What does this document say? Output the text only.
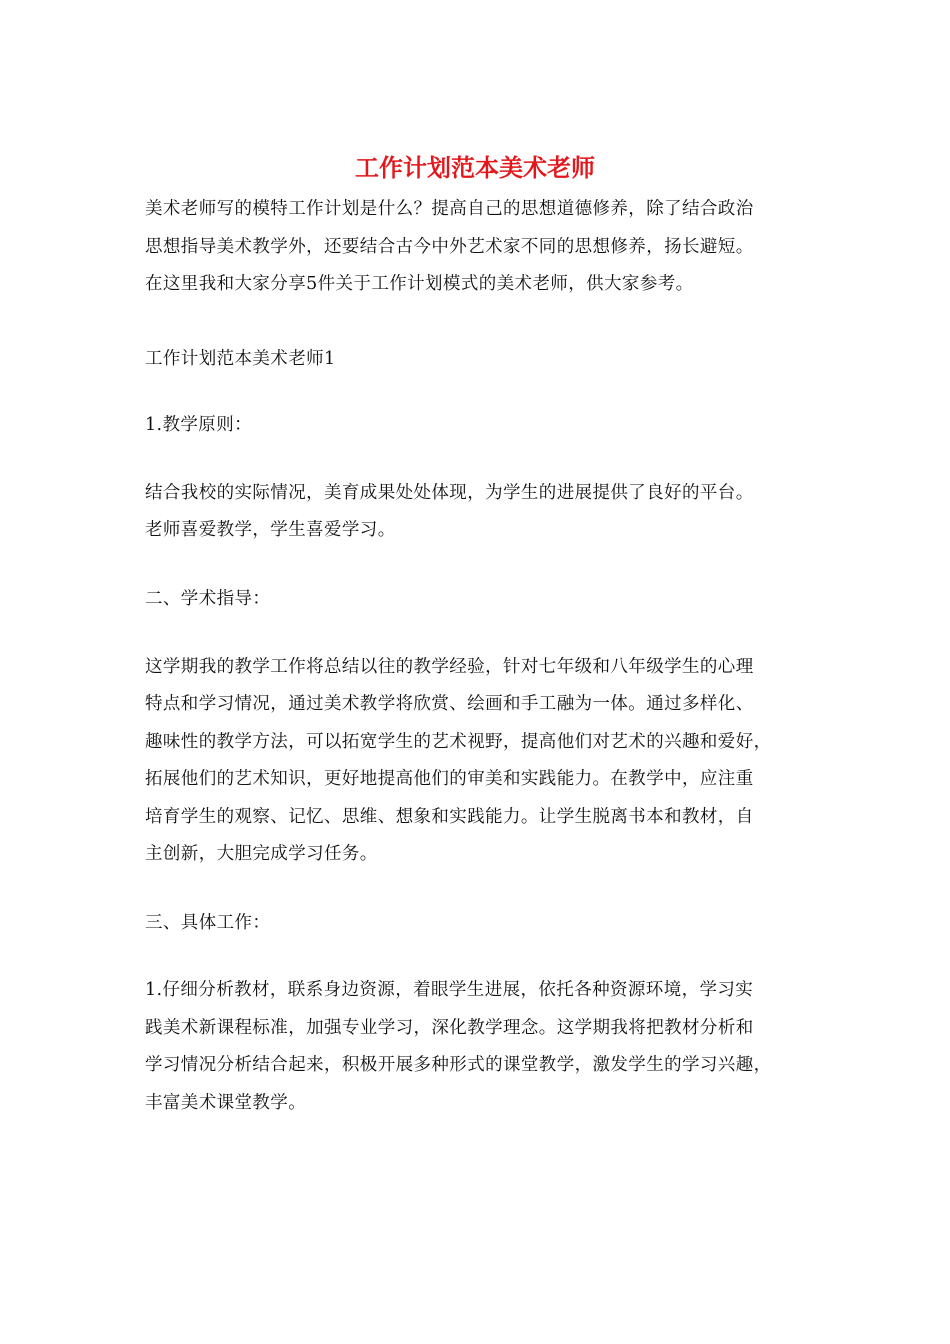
工作计划范本美术老师
美术老师写的模特工作计划是什么？提高自己的思想道德修养，除了结合政治
思想指导美术教学外，还要结合古今中外艺术家不同的思想修养，扬长避短。
在这里我和大家分享5件关于工作计划模式的美术老师，供大家参考。
工作计划范本美术老师1
1.教学原则：
结合我校的实际情况，美育成果处处体现，为学生的进展提供了良好的平台。
老师喜爱教学，学生喜爱学习。
二、学术指导：
这学期我的教学工作将总结以往的教学经验，针对七年级和八年级学生的心理
特点和学习情况，通过美术教学将欣赏、绘画和手工融为一体。通过多样化、
趣味性的教学方法，可以拓宽学生的艺术视野，提高他们对艺术的兴趣和爱好，
拓展他们的艺术知识，更好地提高他们的审美和实践能力。在教学中，应注重
培育学生的观察、记忆、思维、想象和实践能力。让学生脱离书本和教材，自
主创新，大胆完成学习任务。
三、具体工作：
1.仔细分析教材，联系身边资源，着眼学生进展，依托各种资源环境，学习实
践美术新课程标准，加强专业学习，深化教学理念。这学期我将把教材分析和
学习情况分析结合起来，积极开展多种形式的课堂教学，激发学生的学习兴趣，
丰富美术课堂教学。
